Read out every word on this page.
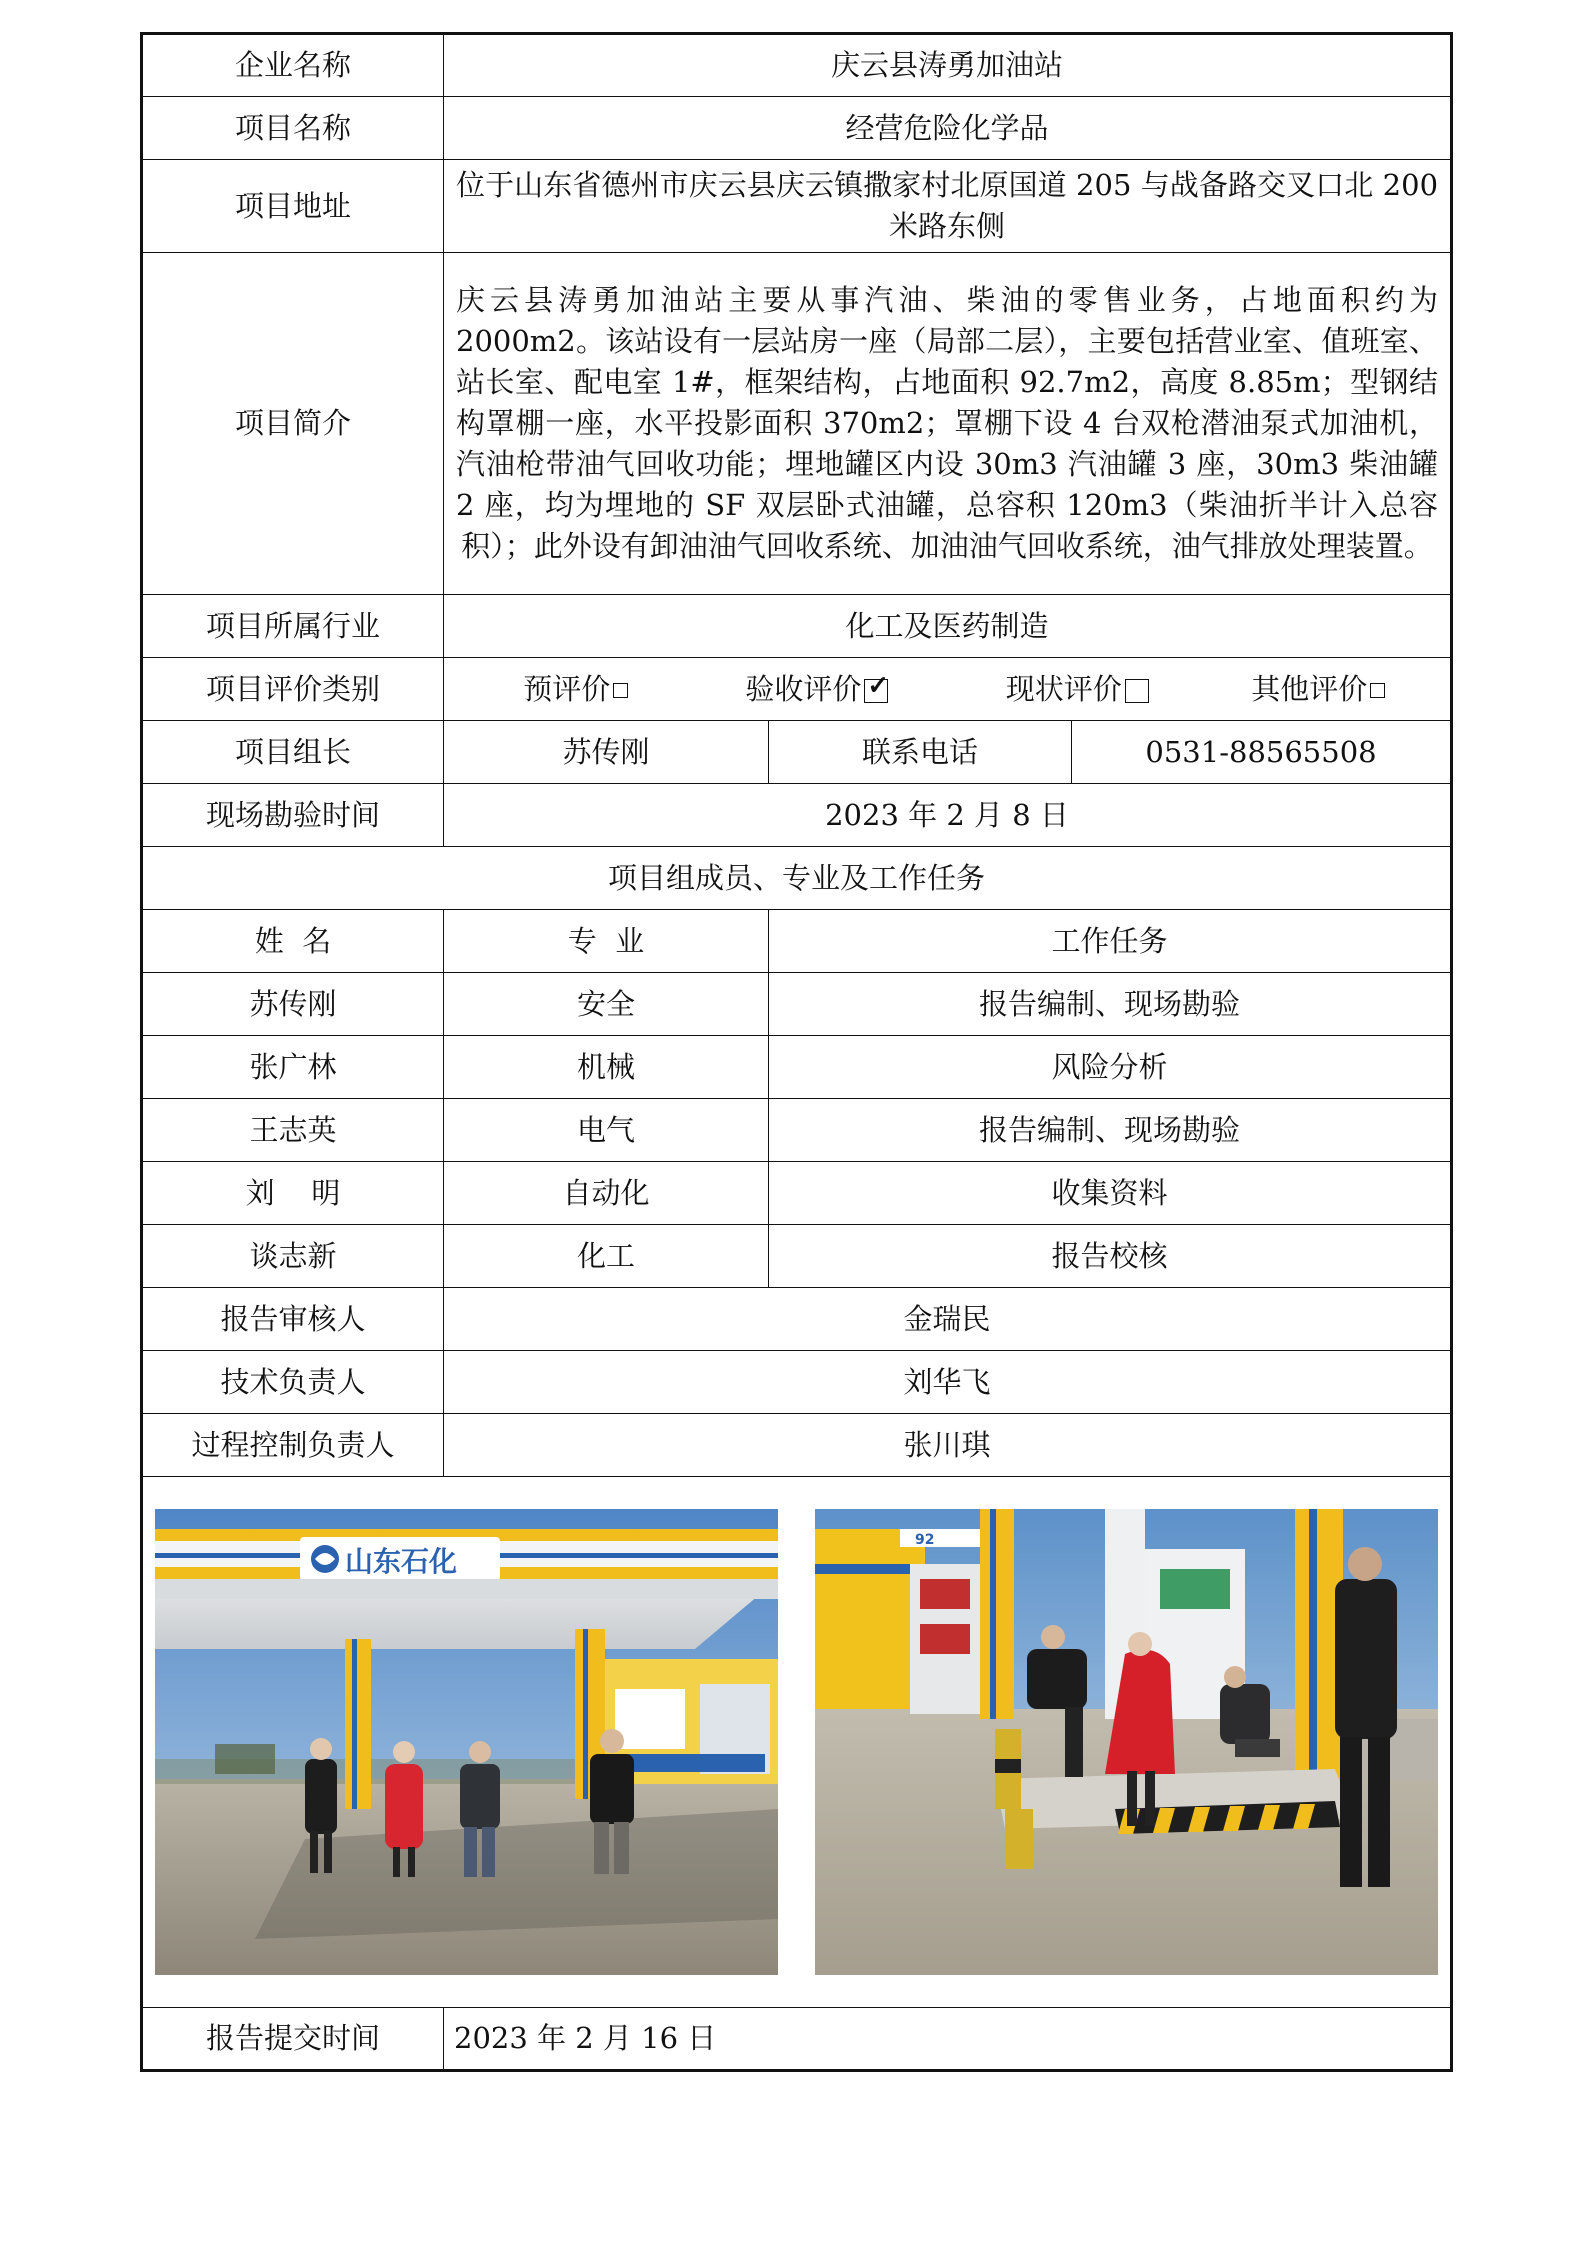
企业名称	庆云县涛勇加油站		
项目名称	经营危险化学品		
项目地址	位于山东省德州市庆云县庆云镇撒家村北原国道 205 与战备路交叉口北 200 米路东侧		
项目简介	庆云县涛勇加油站主要从事汽油、柴油的零售业务，占地面积约为 2000m2。该站设有一层站房一座（局部二层），主要包括营业室、值班室、站长室、配电室 1#，框架结构，占地面积 92.7m2，高度 8.85m；型钢结构罩棚一座，水平投影面积 370m2；罩棚下设 4 台双枪潜油泵式加油机，汽油枪带油气回收功能；埋地罐区内设 30m3 汽油罐 3 座，30m3 柴油罐 2 座，均为埋地的 SF 双层卧式油罐，总容积 120m3（柴油折半计入总容积）；此外设有卸油油气回收系统、加油油气回收系统，油气排放处理装置。		
项目所属行业	化工及医药制造		
项目评价类别	预评价 验收评价 ✓ 现状评价 其他评价		
项目组长	苏传刚	联系电话	0531-88565508
现场勘验时间	2023 年 2 月 8 日		
项目组成员、专业及工作任务			
姓  名	专  业	工作任务	
苏传刚	安全	报告编制、现场勘验	
张广林	机械	风险分析	
王志英	电气	报告编制、现场勘验	
刘    明	自动化	收集资料	
谈志新	化工	报告校核	
报告审核人	金瑞民		
技术负责人	刘华飞		
过程控制负责人	张川琪		

山东石化
92			

报告提交时间	2023 年 2 月 16 日		
